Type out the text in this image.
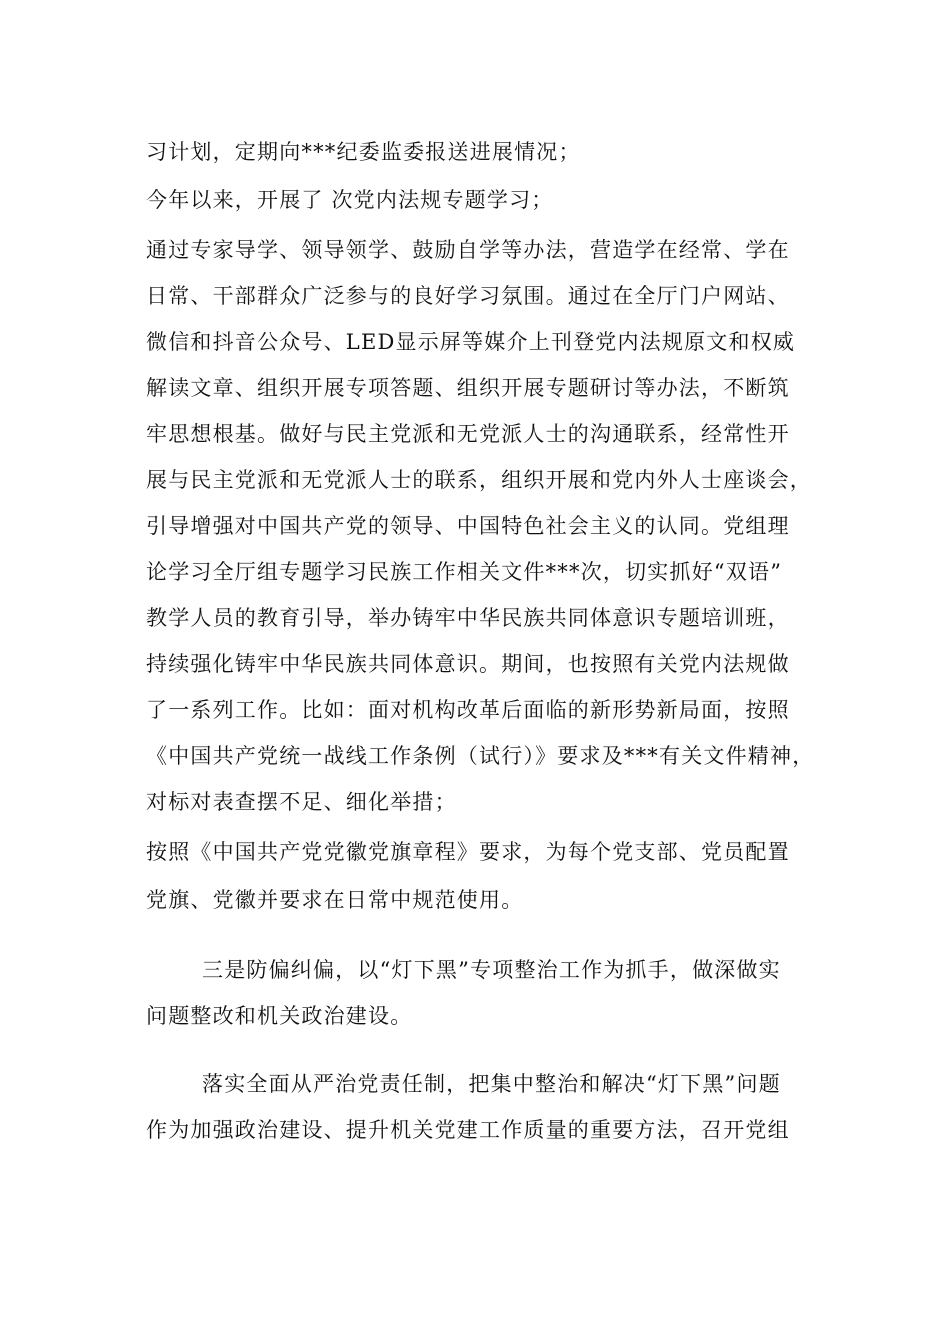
习计划，定期向***纪委监委报送进展情况；
今年以来，开展了 次党内法规专题学习；
通过专家导学、领导领学、鼓励自学等办法，营造学在经常、学在
日常、干部群众广泛参与的良好学习氛围。通过在全厅门户网站、
微信和抖音公众号、LED显示屏等媒介上刊登党内法规原文和权威
解读文章、组织开展专项答题、组织开展专题研讨等办法，不断筑
牢思想根基。做好与民主党派和无党派人士的沟通联系，经常性开
展与民主党派和无党派人士的联系，组织开展和党内外人士座谈会，
引导增强对中国共产党的领导、中国特色社会主义的认同。党组理
论学习全厅组专题学习民族工作相关文件***次，切实抓好“双语”
教学人员的教育引导，举办铸牢中华民族共同体意识专题培训班，
持续强化铸牢中华民族共同体意识。期间，也按照有关党内法规做
了一系列工作。比如：面对机构改革后面临的新形势新局面，按照
《中国共产党统一战线工作条例（试行）》要求及***有关文件精神，
对标对表查摆不足、细化举措；
按照《中国共产党党徽党旗章程》要求，为每个党支部、党员配置
党旗、党徽并要求在日常中规范使用。
三是防偏纠偏，以“灯下黑”专项整治工作为抓手，做深做实
问题整改和机关政治建设。
落实全面从严治党责任制，把集中整治和解决“灯下黑”问题
作为加强政治建设、提升机关党建工作质量的重要方法，召开党组
